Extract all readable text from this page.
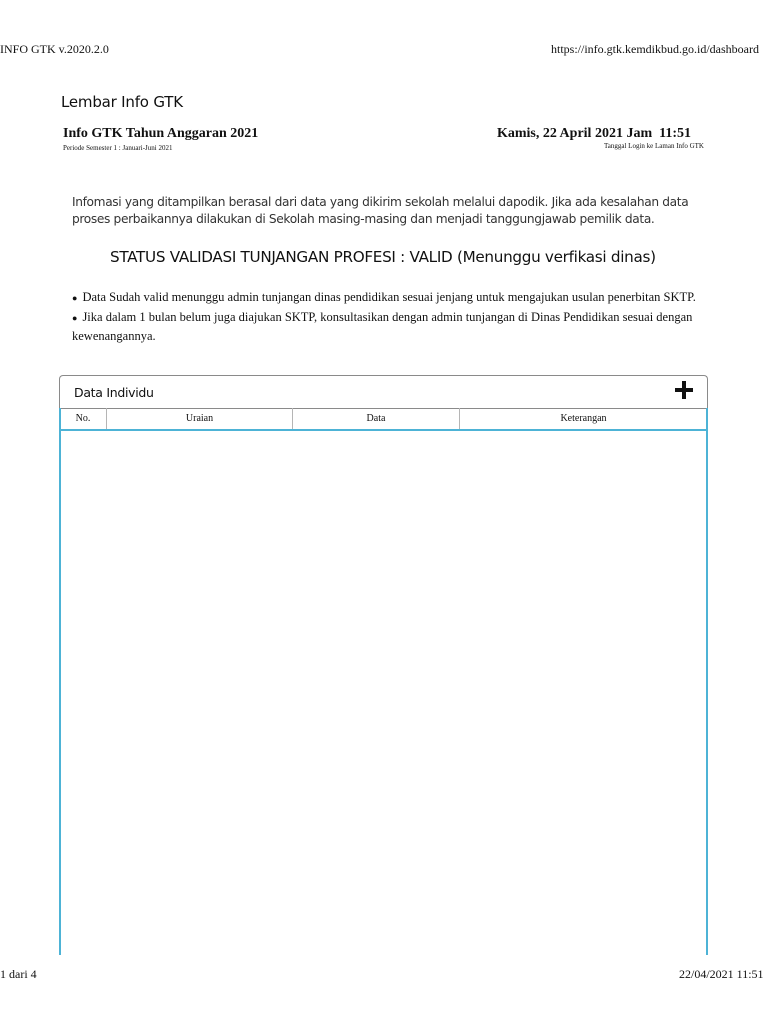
INFO GTK v.2020.2.0	https://info.gtk.kemdikbud.go.id/dashboard
Lembar Info GTK
Info GTK Tahun Anggaran 2021
Periode Semester 1 : Januari-Juni 2021
Kamis, 22 April 2021 Jam  11:51
Tanggal Login ke Laman Info GTK
Infomasi yang ditampilkan berasal dari data yang dikirim sekolah melalui dapodik. Jika ada kesalahan data proses perbaikannya dilakukan di Sekolah masing-masing dan menjadi tanggungjawab pemilik data.
STATUS VALIDASI TUNJANGAN PROFESI : VALID (Menunggu verfikasi dinas)
● Data Sudah valid menunggu admin tunjangan dinas pendidikan sesuai jenjang untuk mengajukan usulan penerbitan SKTP.
● Jika dalam 1 bulan belum juga diajukan SKTP, konsultasikan dengan admin tunjangan di Dinas Pendidikan sesuai dengan kewenangannya.
Data Individu
No.	Uraian	Data	Keterangan
1 dari 4	22/04/2021 11:51
